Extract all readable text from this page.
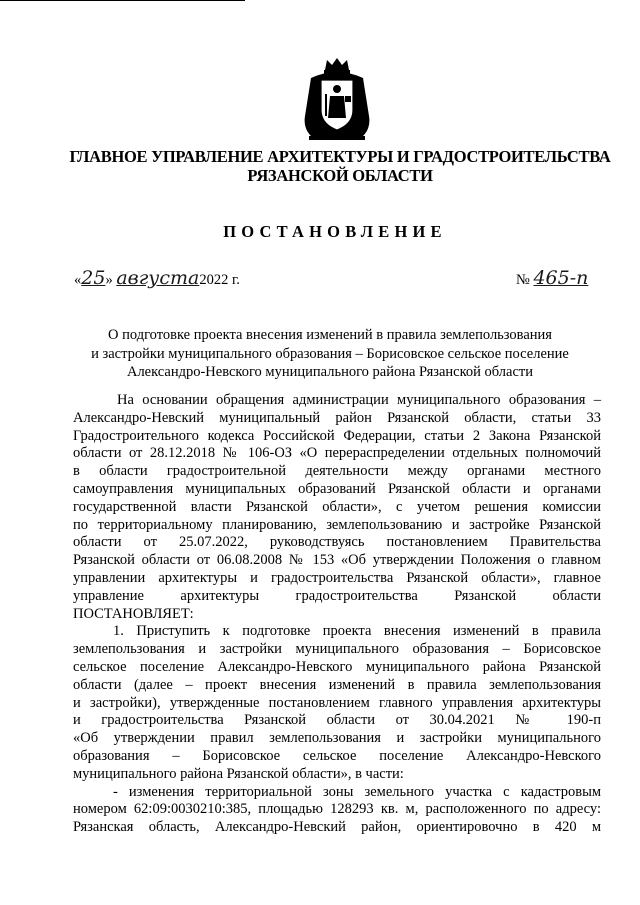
ГЛАВНОЕ УПРАВЛЕНИЕ АРХИТЕКТУРЫ И ГРАДОСТРОИТЕЛЬСТВА
РЯЗАНСКОЙ ОБЛАСТИ
ПОСТАНОВЛЕНИЕ
«25» августа2022 г.	№ 465-п
О подготовке проекта внесения изменений в правила землепользования
и застройки муниципального образования – Борисовское сельское поселение
Александро-Невского муниципального района Рязанской области
На основании обращения администрации муниципального образования –
Александро-Невский муниципальный район Рязанской области, статьи 33
Градостроительного кодекса Российской Федерации, статьи 2 Закона Рязанской
области от 28.12.2018 № 106-ОЗ «О перераспределении отдельных полномочий
в области градостроительной деятельности между органами местного
самоуправления муниципальных образований Рязанской области и органами
государственной власти Рязанской области», с учетом решения комиссии
по территориальному планированию, землепользованию и застройке Рязанской
области от 25.07.2022, руководствуясь постановлением Правительства
Рязанской области от 06.08.2008 № 153 «Об утверждении Положения о главном
управлении архитектуры и градостроительства Рязанской области», главное
управление архитектуры градостроительства Рязанской области
ПОСТАНОВЛЯЕТ:
1. Приступить к подготовке проекта внесения изменений в правила
землепользования и застройки муниципального образования – Борисовское
сельское поселение Александро-Невского муниципального района Рязанской
области (далее – проект внесения изменений в правила землепользования
и застройки), утвержденные постановлением главного управления архитектуры
и градостроительства Рязанской области от 30.04.2021 № 190-п
«Об утверждении правил землепользования и застройки муниципального
образования – Борисовское сельское поселение Александро-Невского
муниципального района Рязанской области», в части:
- изменения территориальной зоны земельного участка с кадастровым
номером 62:09:0030210:385, площадью 128293 кв. м, расположенного по адресу:
Рязанская область, Александро-Невский район, ориентировочно в 420 м
